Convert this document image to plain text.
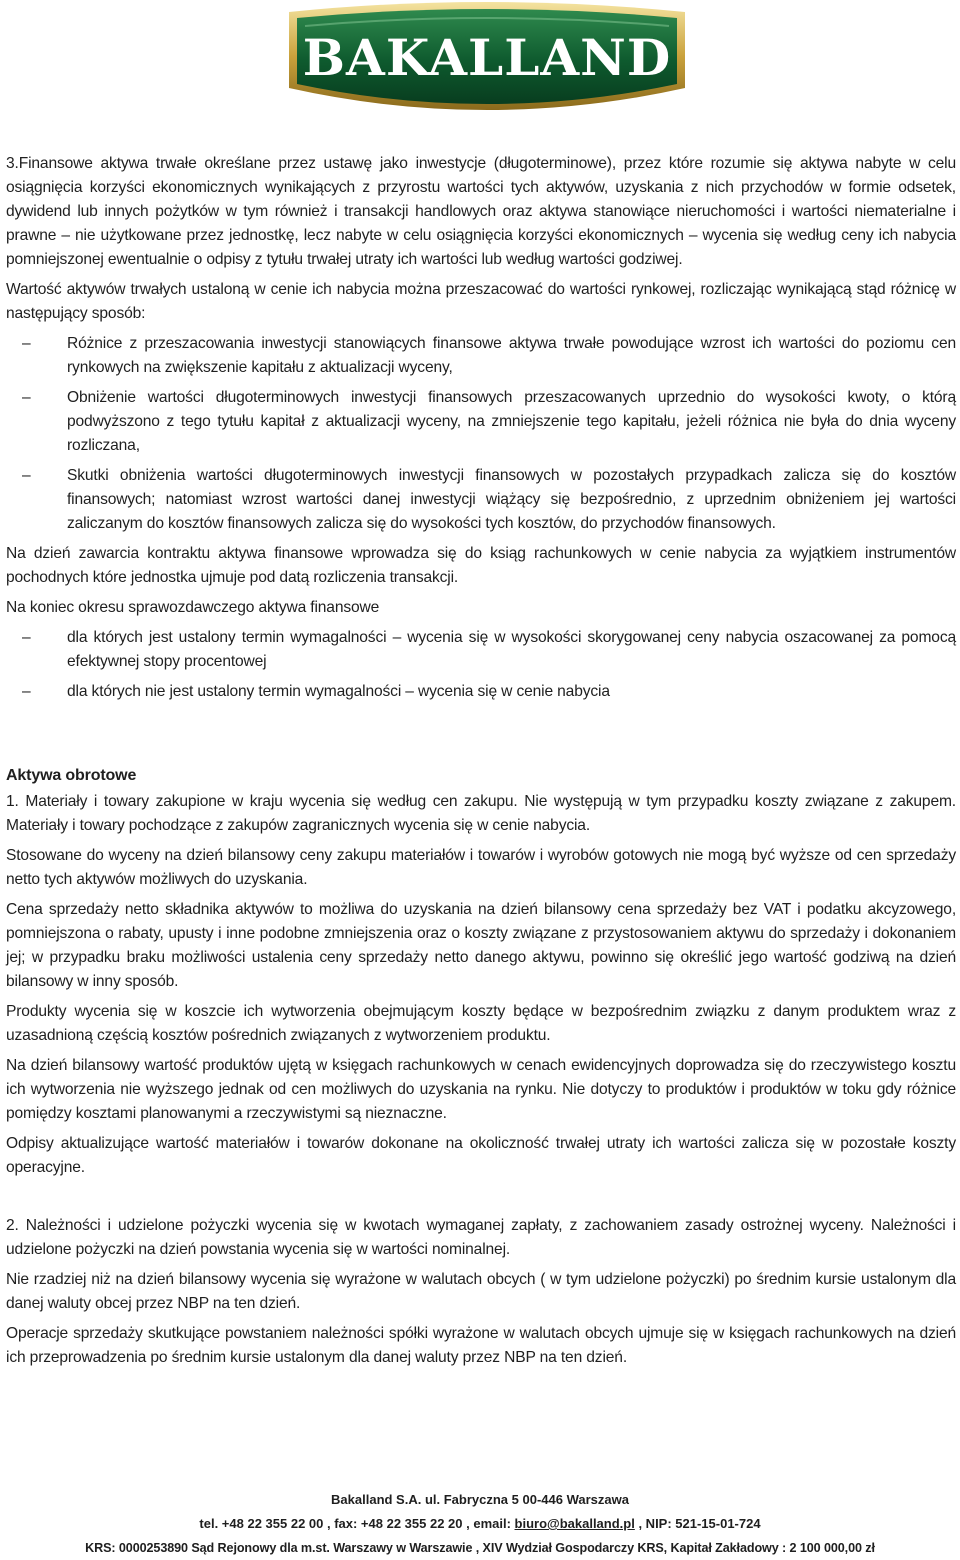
BAKALLAND

3.Finansowe aktywa trwałe określane przez ustawę jako inwestycje (długoterminowe), przez które rozumie się aktywa nabyte w celu osiągnięcia korzyści ekonomicznych wynikających z przyrostu wartości tych aktywów, uzyskania z nich przychodów w formie odsetek, dywidend lub innych pożytków w tym również i transakcji handlowych oraz aktywa stanowiące nieruchomości i wartości niematerialne i prawne – nie użytkowane przez jednostkę, lecz nabyte w celu osiągnięcia korzyści ekonomicznych – wycenia się według ceny ich nabycia pomniejszonej ewentualnie o odpisy z tytułu trwałej utraty ich wartości lub według wartości godziwej.

Wartość aktywów trwałych ustaloną w cenie ich nabycia można przeszacować do wartości rynkowej, rozliczając wynikającą stąd różnicę w następujący sposób:

– Różnice z przeszacowania inwestycji stanowiących finansowe aktywa trwałe powodujące wzrost ich wartości do poziomu cen rynkowych na zwiększenie kapitału z aktualizacji wyceny,
– Obniżenie wartości długoterminowych inwestycji finansowych przeszacowanych uprzednio do wysokości kwoty, o którą podwyższono z tego tytułu kapitał z aktualizacji wyceny, na zmniejszenie tego kapitału, jeżeli różnica nie była do dnia wyceny rozliczana,
– Skutki obniżenia wartości długoterminowych inwestycji finansowych w pozostałych przypadkach zalicza się do kosztów finansowych; natomiast wzrost wartości danej inwestycji wiążący się bezpośrednio, z uprzednim obniżeniem jej wartości zaliczanym do kosztów finansowych zalicza się do wysokości tych kosztów, do przychodów finansowych.

Na dzień zawarcia kontraktu aktywa finansowe wprowadza się do ksiąg rachunkowych w cenie nabycia za wyjątkiem instrumentów pochodnych które jednostka ujmuje pod datą rozliczenia transakcji.

Na koniec okresu sprawozdawczego aktywa finansowe

– dla których jest ustalony termin wymagalności – wycenia się w wysokości skorygowanej ceny nabycia oszacowanej za pomocą efektywnej stopy procentowej
– dla których nie jest ustalony termin wymagalności – wycenia się w cenie nabycia

Aktywa obrotowe

1. Materiały i towary zakupione w kraju wycenia się według cen zakupu. Nie występują w tym przypadku koszty związane z zakupem. Materiały i towary pochodzące z zakupów zagranicznych wycenia się w cenie nabycia.

Stosowane do wyceny na dzień bilansowy ceny zakupu materiałów i towarów i wyrobów gotowych nie mogą być wyższe od cen sprzedaży netto tych aktywów możliwych do uzyskania.

Cena sprzedaży netto składnika aktywów to możliwa do uzyskania na dzień bilansowy cena sprzedaży bez VAT i podatku akcyzowego, pomniejszona o rabaty, upusty i inne podobne zmniejszenia oraz o koszty związane z przystosowaniem aktywu do sprzedaży i dokonaniem jej; w przypadku braku możliwości ustalenia ceny sprzedaży netto danego aktywu, powinno się określić jego wartość godziwą na dzień bilansowy w inny sposób.

Produkty wycenia się w koszcie ich wytworzenia obejmującym koszty będące w bezpośrednim związku z danym produktem wraz z uzasadnioną częścią kosztów pośrednich związanych z wytworzeniem produktu.

Na dzień bilansowy wartość produktów ujętą w księgach rachunkowych w cenach ewidencyjnych doprowadza się do rzeczywistego kosztu ich wytworzenia nie wyższego jednak od cen możliwych do uzyskania na rynku. Nie dotyczy to produktów i produktów w toku gdy różnice pomiędzy kosztami planowanymi a rzeczywistymi są nieznaczne.

Odpisy aktualizujące wartość materiałów i towarów dokonane na okoliczność trwałej utraty ich wartości zalicza się w pozostałe koszty operacyjne.

2. Należności i udzielone pożyczki wycenia się w kwotach wymaganej zapłaty, z zachowaniem zasady ostrożnej wyceny. Należności i udzielone pożyczki na dzień powstania wycenia się w wartości nominalnej.

Nie rzadziej niż na dzień bilansowy wycenia się wyrażone w walutach obcych ( w tym udzielone pożyczki) po średnim kursie ustalonym dla danej waluty obcej przez NBP na ten dzień.

Operacje sprzedaży skutkujące powstaniem należności spółki wyrażone w walutach obcych ujmuje się w księgach rachunkowych na dzień ich przeprowadzenia po średnim kursie ustalonym dla danej waluty przez NBP na ten dzień.

Bakalland S.A. ul. Fabryczna 5 00-446 Warszawa
tel. +48 22 355 22 00 , fax: +48 22 355 22 20 , email: biuro@bakalland.pl , NIP: 521-15-01-724
KRS: 0000253890 Sąd Rejonowy dla m.st. Warszawy w Warszawie , XIV Wydział Gospodarczy KRS, Kapitał Zakładowy : 2 100 000,00 zł
